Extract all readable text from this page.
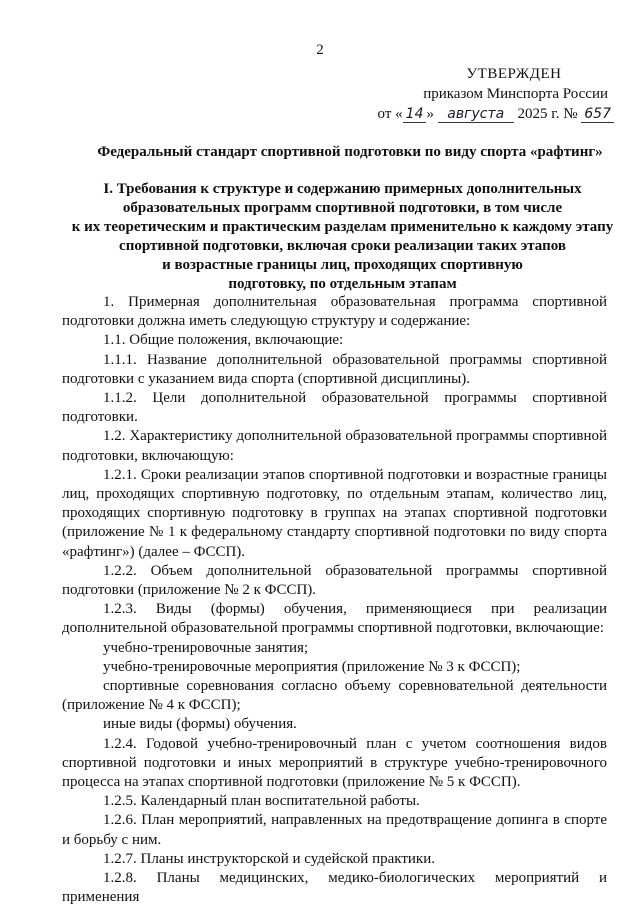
2
УТВЕРЖДЕН
приказом Минспорта России
от « 14 » августа 2025 г. № 657
Федеральный стандарт спортивной подготовки по виду спорта «рафтинг»
I. Требования к структуре и содержанию примерных дополнительных
образовательных программ спортивной подготовки, в том числе
к их теоретическим и практическим разделам применительно к каждому этапу
спортивной подготовки, включая сроки реализации таких этапов
и возрастные границы лиц, проходящих спортивную
подготовку, по отдельным этапам

1. Примерная дополнительная образовательная программа спортивной подготовки должна иметь следующую структуру и содержание:

1.1. Общие положения, включающие:

1.1.1. Название дополнительной образовательной программы спортивной подготовки с указанием вида спорта (спортивной дисциплины).

1.1.2. Цели дополнительной образовательной программы спортивной подготовки.

1.2. Характеристику дополнительной образовательной программы спортивной подготовки, включающую:

1.2.1. Сроки реализации этапов спортивной подготовки и возрастные границы лиц, проходящих спортивную подготовку, по отдельным этапам, количество лиц, проходящих спортивную подготовку в группах на этапах спортивной подготовки (приложение № 1 к федеральному стандарту спортивной подготовки по виду спорта «рафтинг») (далее – ФССП).

1.2.2. Объем дополнительной образовательной программы спортивной подготовки (приложение № 2 к ФССП).

1.2.3. Виды (формы) обучения, применяющиеся при реализации дополнительной образовательной программы спортивной подготовки, включающие:

учебно-тренировочные занятия;

учебно-тренировочные мероприятия (приложение № 3 к ФССП);

спортивные соревнования согласно объему соревновательной деятельности (приложение № 4 к ФССП);

иные виды (формы) обучения.

1.2.4. Годовой учебно-тренировочный план с учетом соотношения видов спортивной подготовки и иных мероприятий в структуре учебно-тренировочного процесса на этапах спортивной подготовки (приложение № 5 к ФССП).

1.2.5. Календарный план воспитательной работы.

1.2.6. План мероприятий, направленных на предотвращение допинга в спорте и борьбу с ним.

1.2.7. Планы инструкторской и судейской практики.

1.2.8. Планы медицинских, медико-биологических мероприятий и применения
